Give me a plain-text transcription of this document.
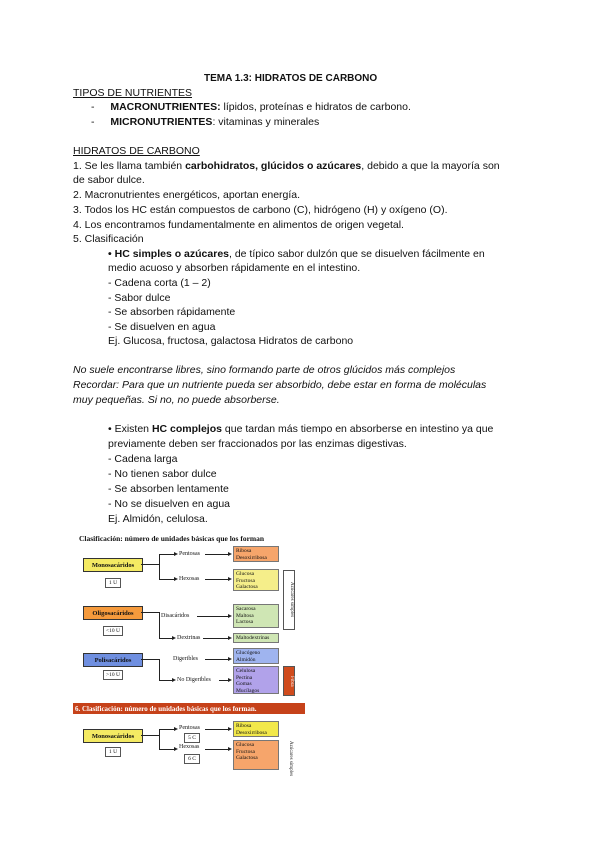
TEMA 1.3: HIDRATOS DE CARBONO
TIPOS DE NUTRIENTES
- MACRONUTRIENTES: lípidos, proteínas e hidratos de carbono.
- MICRONUTRIENTES: vitaminas y minerales
HIDRATOS DE CARBONO
1. Se les llama también carbohidratos, glúcidos o azúcares, debido a que la mayoría son
de sabor dulce.
2. Macronutrientes energéticos, aportan energía.
3. Todos los HC están compuestos de carbono (C), hidrógeno (H) y oxígeno (O).
4. Los encontramos fundamentalmente en alimentos de origen vegetal.
5. Clasificación
• HC simples o azúcares, de típico sabor dulzón que se disuelven fácilmente en
medio acuoso y absorben rápidamente en el intestino.
- Cadena corta (1 – 2)
- Sabor dulce
- Se absorben rápidamente
- Se disuelven en agua
Ej. Glucosa, fructosa, galactosa Hidratos de carbono
No suele encontrarse libres, sino formando parte de otros glúcidos más complejos
Recordar: Para que un nutriente pueda ser absorbido, debe estar en forma de moléculas
muy pequeñas. Si no, no puede absorberse.
• Existen HC complejos que tardan más tiempo en absorberse en intestino ya que
previamente deben ser fraccionados por las enzimas digestivas.
- Cadena larga
- No tienen sabor dulce
- Se absorben lentamente
- No se disuelven en agua
Ej. Almidón, celulosa.
Clasificación: número de unidades básicas que los forman
Monosacáridos
1 U
Pentosas
Hexosas
Ribosa
Desoxirribosa
Glucosa
Fructosa
Galactosa
Oligosacáridos
<10 U
Disacáridos
Dextrinas
Sacarosa
Maltosa
Lactosa
Maltodextrinas
Polisacáridos
>10 U
Digeribles
No Digeribles
Glucógeno
Almidón
Celulosa
Pectina
Gomas
Mucílagos
Azúcares simples
Fibra
6. Clasificación: número de unidades básicas que los forman.
Monosacáridos
1 U
Pentosas
5 C
Hexosas
6 C
Ribosa
Desoxirribosa
Glucosa
Fructosa
Galactosa	Azúcares simples
